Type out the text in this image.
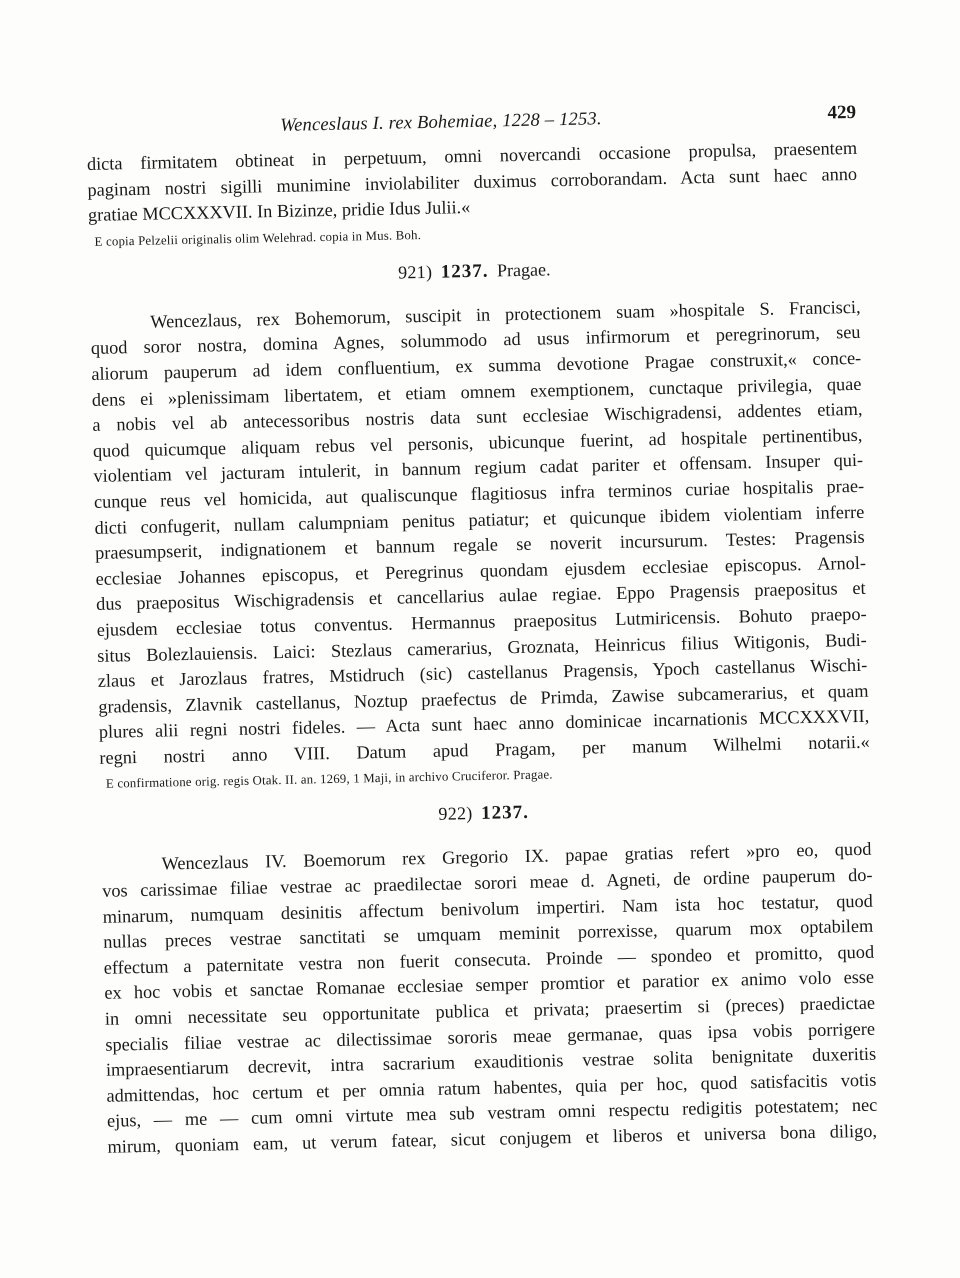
Wenceslaus I. rex Bohemiae, 1228 – 1253.	429
dicta firmitatem obtineat in perpetuum, omni novercandi occasione propulsa, praesentem
paginam nostri sigilli munimine inviolabiliter duximus corroborandam. Acta sunt haec anno
gratiae MCCXXXVII. In Bizinze, pridie Idus Julii.«
E copia Pelzelii originalis olim Welehrad. copia in Mus. Boh.
921) 1237. Pragae.
Wencezlaus, rex Bohemorum, suscipit in protectionem suam »hospitale S. Francisci,
quod soror nostra, domina Agnes, solummodo ad usus infirmorum et peregrinorum, seu
aliorum pauperum ad idem confluentium, ex summa devotione Pragae construxit,« conce-
dens ei »plenissimam libertatem, et etiam omnem exemptionem, cunctaque privilegia, quae
a nobis vel ab antecessoribus nostris data sunt ecclesiae Wischigradensi, addentes etiam,
quod quicumque aliquam rebus vel personis, ubicunque fuerint, ad hospitale pertinentibus,
violentiam vel jacturam intulerit, in bannum regium cadat pariter et offensam. Insuper qui-
cunque reus vel homicida, aut qualiscunque flagitiosus infra terminos curiae hospitalis prae-
dicti confugerit, nullam calumpniam penitus patiatur; et quicunque ibidem violentiam inferre
praesumpserit, indignationem et bannum regale se noverit incursurum. Testes: Pragensis
ecclesiae Johannes episcopus, et Peregrinus quondam ejusdem ecclesiae episcopus. Arnol-
dus praepositus Wischigradensis et cancellarius aulae regiae. Eppo Pragensis praepositus et
ejusdem ecclesiae totus conventus. Hermannus praepositus Lutmiricensis. Bohuto praepo-
situs Bolezlauiensis. Laici: Stezlaus camerarius, Groznata, Heinricus filius Witigonis, Budi-
zlaus et Jarozlaus fratres, Mstidruch (sic) castellanus Pragensis, Ypoch castellanus Wischi-
gradensis, Zlavnik castellanus, Noztup praefectus de Primda, Zawise subcamerarius, et quam
plures alii regni nostri fideles. — Acta sunt haec anno dominicae incarnationis MCCXXXVII,
regni nostri anno VIII. Datum apud Pragam, per manum Wilhelmi notarii.«
E confirmatione orig. regis Otak. II. an. 1269, 1 Maji, in archivo Cruciferor. Pragae.
922) 1237.
Wencezlaus IV. Boemorum rex Gregorio IX. papae gratias refert »pro eo, quod
vos carissimae filiae vestrae ac praedilectae sorori meae d. Agneti, de ordine pauperum do-
minarum, numquam desinitis affectum benivolum impertiri. Nam ista hoc testatur, quod
nullas preces vestrae sanctitati se umquam meminit porrexisse, quarum mox optabilem
effectum a paternitate vestra non fuerit consecuta. Proinde — spondeo et promitto, quod
ex hoc vobis et sanctae Romanae ecclesiae semper promtior et paratior ex animo volo esse
in omni necessitate seu opportunitate publica et privata; praesertim si (preces) praedictae
specialis filiae vestrae ac dilectissimae sororis meae germanae, quas ipsa vobis porrigere
impraesentiarum decrevit, intra sacrarium exauditionis vestrae solita benignitate duxeritis
admittendas, hoc certum et per omnia ratum habentes, quia per hoc, quod satisfacitis votis
ejus, — me — cum omni virtute mea sub vestram omni respectu redigitis potestatem; nec
mirum, quoniam eam, ut verum fatear, sicut conjugem et liberos et universa bona diligo,
